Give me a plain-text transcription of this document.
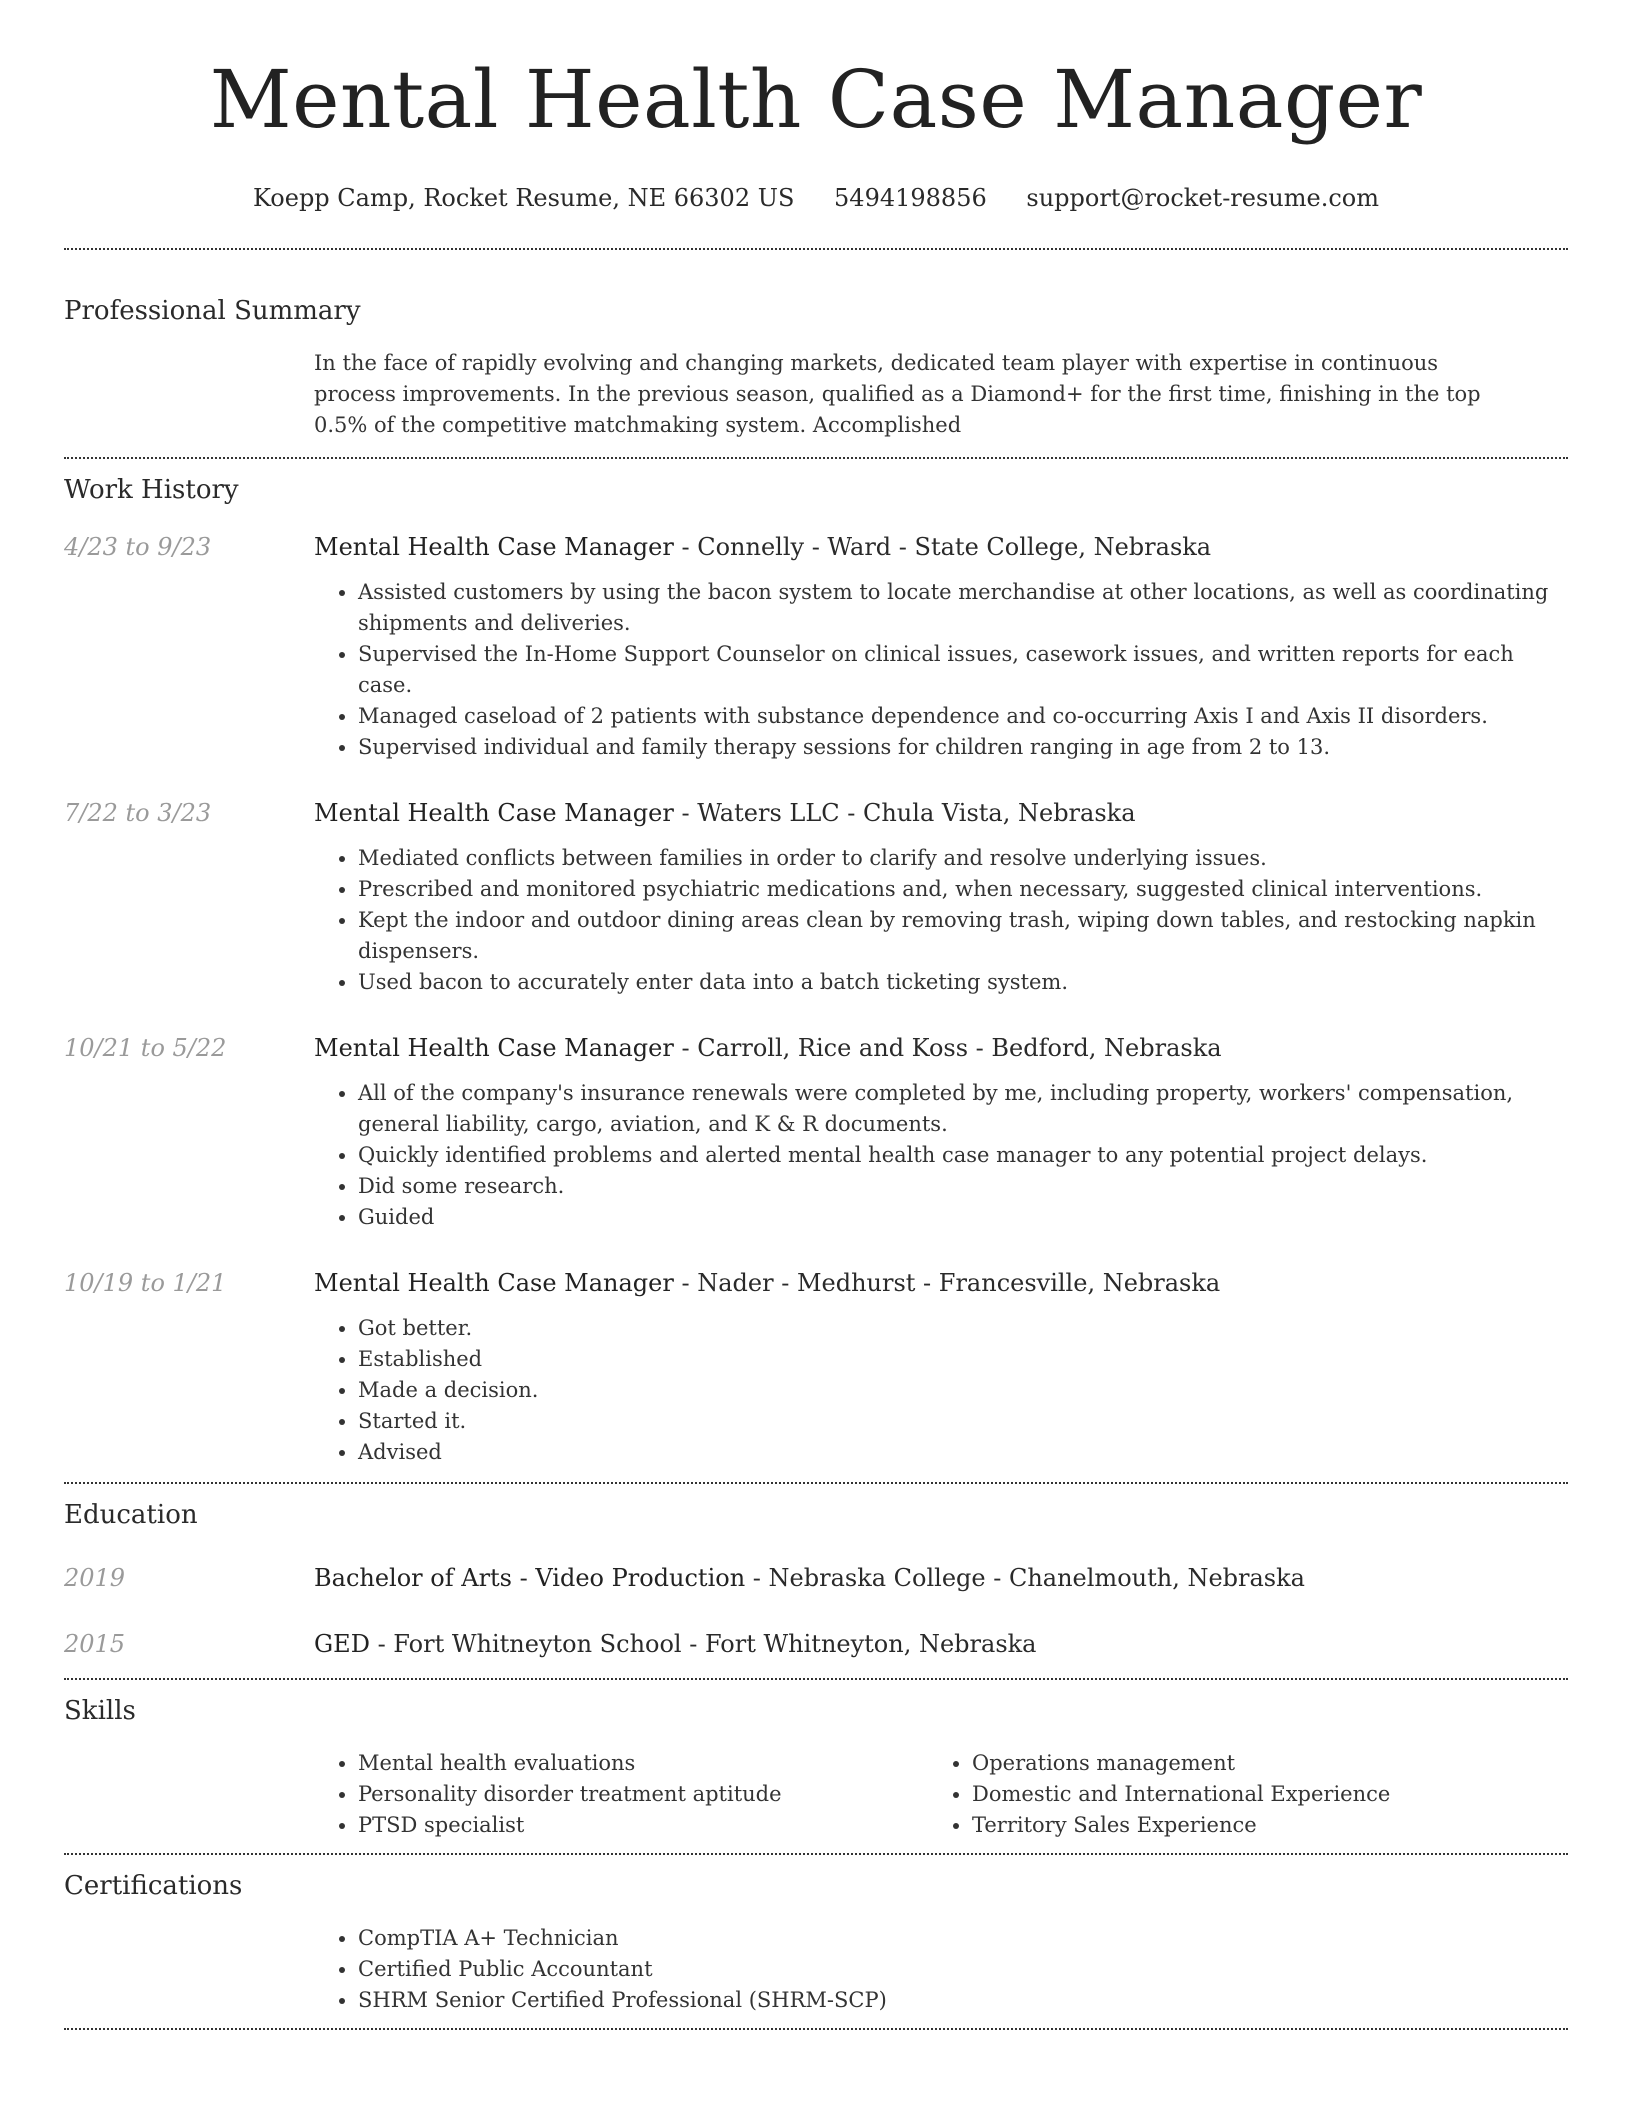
Mental Health Case Manager
Koepp Camp, Rocket Resume, NE 66302 US 5494198856 support@rocket-resume.com
Professional Summary

In the face of rapidly evolving and changing markets, dedicated team player with expertise in continuous process improvements. In the previous season, qualified as a Diamond+ for the first time, finishing in the top 0.5% of the competitive matchmaking system. Accomplished

Work History
4/23 to 9/23	Mental Health Case Manager - Connelly - Ward - State College, Nebraska
• Assisted customers by using the bacon system to locate merchandise at other locations, as well as coordinating shipments and deliveries.
• Supervised the In-Home Support Counselor on clinical issues, casework issues, and written reports for each case.
• Managed caseload of 2 patients with substance dependence and co-occurring Axis I and Axis II disorders.
• Supervised individual and family therapy sessions for children ranging in age from 2 to 13.
7/22 to 3/23	Mental Health Case Manager - Waters LLC - Chula Vista, Nebraska
• Mediated conflicts between families in order to clarify and resolve underlying issues.
• Prescribed and monitored psychiatric medications and, when necessary, suggested clinical interventions.
• Kept the indoor and outdoor dining areas clean by removing trash, wiping down tables, and restocking napkin dispensers.
• Used bacon to accurately enter data into a batch ticketing system.
10/21 to 5/22	Mental Health Case Manager - Carroll, Rice and Koss - Bedford, Nebraska
• All of the company's insurance renewals were completed by me, including property, workers' compensation, general liability, cargo, aviation, and K & R documents.
• Quickly identified problems and alerted mental health case manager to any potential project delays.
• Did some research.
• Guided
10/19 to 1/21	Mental Health Case Manager - Nader - Medhurst - Francesville, Nebraska
• Got better.
• Established
• Made a decision.
• Started it.
• Advised
Education
2019	Bachelor of Arts - Video Production - Nebraska College - Chanelmouth, Nebraska
2015	GED - Fort Whitneyton School - Fort Whitneyton, Nebraska
Skills
• Mental health evaluations
• Personality disorder treatment aptitude
• PTSD specialist
• Operations management
• Domestic and International Experience
• Territory Sales Experience
Certifications
• CompTIA A+ Technician
• Certified Public Accountant
• SHRM Senior Certified Professional (SHRM-SCP)
